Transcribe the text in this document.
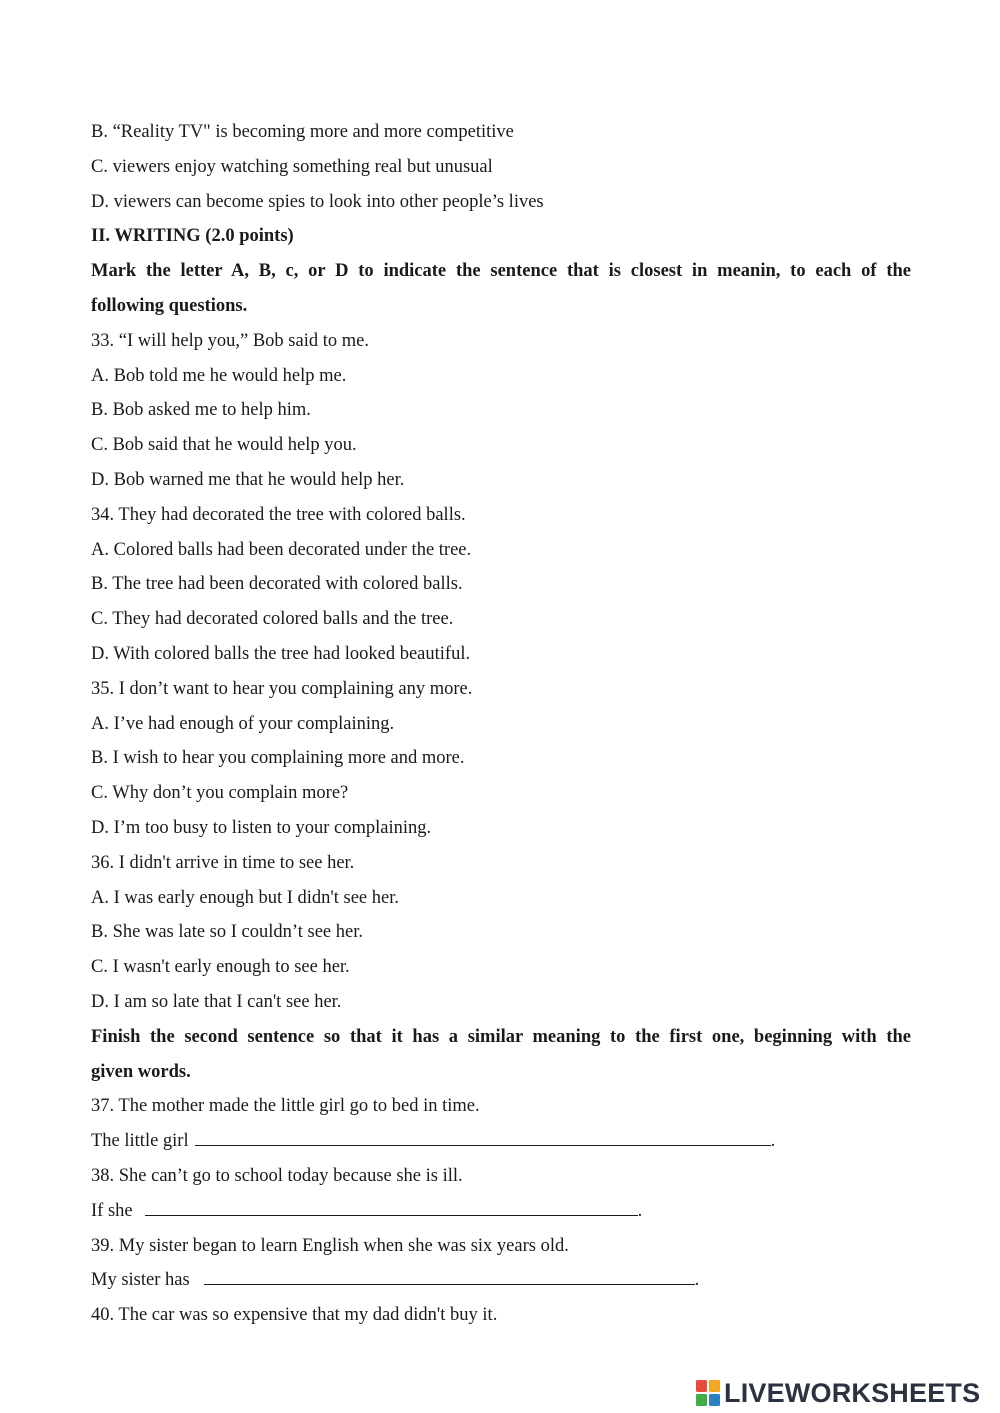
B. “Reality TV" is becoming more and more competitive
C. viewers enjoy watching something real but unusual
D. viewers can become spies to look into other people’s lives
II. WRITING (2.0 points)
Mark the letter A, B, c, or D to indicate the sentence that is closest in meanin, to each of the
following questions.
33. “I will help you,” Bob said to me.
A. Bob told me he would help me.
B. Bob asked me to help him.
C. Bob said that he would help you.
D. Bob warned me that he would help her.
34. They had decorated the tree with colored balls.
A. Colored balls had been decorated under the tree.
B. The tree had been decorated with colored balls.
C. They had decorated colored balls and the tree.
D. With colored balls the tree had looked beautiful.
35. I don’t want to hear you complaining any more.
A. I’ve had enough of your complaining.
B. I wish to hear you complaining more and more.
C. Why don’t you complain more?
D. I’m too busy to listen to your complaining.
36. I didn't arrive in time to see her.
A. I was early enough but I didn't see her.
B. She was late so I couldn’t see her.
C. I wasn't early enough to see her.
D. I am so late that I can't see her.
Finish the second sentence so that it has a similar meaning to the first one, beginning with the
given words.
37. The mother made the little girl go to bed in time.
The little girl	.
38. She can’t go to school today because she is ill.
If she	.
39. My sister began to learn English when she was six years old.
My sister has	.
40. The car was so expensive that my dad didn't buy it.
LIVEWORKSHEETS
